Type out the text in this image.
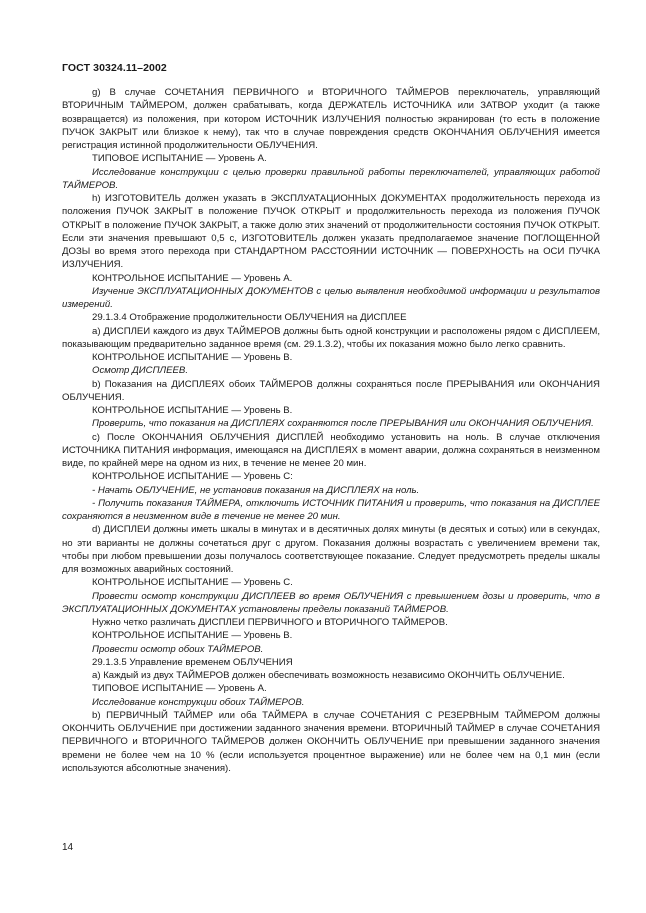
ГОСТ 30324.11–2002

g) В случае СОЧЕТАНИЯ ПЕРВИЧНОГО и ВТОРИЧНОГО ТАЙМЕРОВ переключатель, управляющий ВТОРИЧНЫМ ТАЙМЕРОМ, должен срабатывать, когда ДЕРЖАТЕЛЬ ИСТОЧНИКА или ЗАТВОР уходит (а также возвращается) из положения, при котором ИСТОЧНИК ИЗЛУЧЕНИЯ полностью экранирован (то есть в положение ПУЧОК ЗАКРЫТ или близкое к нему), так что в случае повреждения средств ОКОНЧАНИЯ ОБЛУЧЕНИЯ имеется регистрация истинной продолжительности ОБЛУЧЕНИЯ.

ТИПОВОЕ ИСПЫТАНИЕ — Уровень А.

Исследование конструкции с целью проверки правильной работы переключателей, управляющих работой ТАЙМЕРОВ.

h) ИЗГОТОВИТЕЛЬ должен указать в ЭКСПЛУАТАЦИОННЫХ ДОКУМЕНТАХ продолжительность перехода из положения ПУЧОК ЗАКРЫТ в положение ПУЧОК ОТКРЫТ и продолжительность перехода из положения ПУЧОК ОТКРЫТ в положение ПУЧОК ЗАКРЫТ, а также долю этих значений от продолжительности состояния ПУЧОК ОТКРЫТ. Если эти значения превышают 0,5 с, ИЗГОТОВИТЕЛЬ должен указать предполагаемое значение ПОГЛОЩЕННОЙ ДОЗЫ во время этого перехода при СТАНДАРТНОМ РАССТОЯНИИ ИСТОЧНИК — ПОВЕРХНОСТЬ на ОСИ ПУЧКА ИЗЛУЧЕНИЯ.

КОНТРОЛЬНОЕ ИСПЫТАНИЕ — Уровень А.

Изучение ЭКСПЛУАТАЦИОННЫХ ДОКУМЕНТОВ с целью выявления необходимой информации и результатов измерений.

29.1.3.4 Отображение продолжительности ОБЛУЧЕНИЯ на ДИСПЛЕЕ

а) ДИСПЛЕИ каждого из двух ТАЙМЕРОВ должны быть одной конструкции и расположены рядом с ДИСПЛЕЕМ, показывающим предварительно заданное время (см. 29.1.3.2), чтобы их показания можно было легко сравнить.

КОНТРОЛЬНОЕ ИСПЫТАНИЕ — Уровень В.

Осмотр ДИСПЛЕЕВ.

b) Показания на ДИСПЛЕЯХ обоих ТАЙМЕРОВ должны сохраняться после ПРЕРЫВАНИЯ или ОКОНЧАНИЯ ОБЛУЧЕНИЯ.

КОНТРОЛЬНОЕ ИСПЫТАНИЕ — Уровень В.

Проверить, что показания на ДИСПЛЕЯХ сохраняются после ПРЕРЫВАНИЯ или ОКОНЧАНИЯ ОБЛУЧЕНИЯ.

с) После ОКОНЧАНИЯ ОБЛУЧЕНИЯ ДИСПЛЕЙ необходимо установить на ноль. В случае отключения ИСТОЧНИКА ПИТАНИЯ информация, имеющаяся на ДИСПЛЕЯХ в момент аварии, должна сохраняться в неизменном виде, по крайней мере на одном из них, в течение не менее 20 мин.

КОНТРОЛЬНОЕ ИСПЫТАНИЕ — Уровень С:

- Начать ОБЛУЧЕНИЕ, не установив показания на ДИСПЛЕЯХ на ноль.

- Получить показания ТАЙМЕРА, отключить ИСТОЧНИК ПИТАНИЯ и проверить, что показания на ДИСПЛЕЕ сохраняются в неизменном виде в течение не менее 20 мин.

d) ДИСПЛЕИ должны иметь шкалы в минутах и в десятичных долях минуты (в десятых и сотых) или в секундах, но эти варианты не должны сочетаться друг с другом. Показания должны возрастать с увеличением времени так, чтобы при любом превышении дозы получалось соответствующее показание. Следует предусмотреть пределы шкалы для возможных аварийных состояний.

КОНТРОЛЬНОЕ ИСПЫТАНИЕ — Уровень С.

Провести осмотр конструкции ДИСПЛЕЕВ во время ОБЛУЧЕНИЯ с превышением дозы и проверить, что в ЭКСПЛУАТАЦИОННЫХ ДОКУМЕНТАХ установлены пределы показаний ТАЙМЕРОВ.

Нужно четко различать ДИСПЛЕИ ПЕРВИЧНОГО и ВТОРИЧНОГО ТАЙМЕРОВ.

КОНТРОЛЬНОЕ ИСПЫТАНИЕ — Уровень В.

Провести осмотр обоих ТАЙМЕРОВ.

29.1.3.5 Управление временем ОБЛУЧЕНИЯ

а) Каждый из двух ТАЙМЕРОВ должен обеспечивать возможность независимо ОКОНЧИТЬ ОБЛУЧЕНИЕ.

ТИПОВОЕ ИСПЫТАНИЕ — Уровень А.

Исследование конструкции обоих ТАЙМЕРОВ.

b) ПЕРВИЧНЫЙ ТАЙМЕР или оба ТАЙМЕРА в случае СОЧЕТАНИЯ С РЕЗЕРВНЫМ ТАЙМЕРОМ должны ОКОНЧИТЬ ОБЛУЧЕНИЕ при достижении заданного значения времени. ВТОРИЧНЫЙ ТАЙМЕР в случае СОЧЕТАНИЯ ПЕРВИЧНОГО и ВТОРИЧНОГО ТАЙМЕРОВ должен ОКОНЧИТЬ ОБЛУЧЕНИЕ при превышении заданного значения времени не более чем на 10 % (если используется процентное выражение) или не более чем на 0,1 мин (если используются абсолютные значения).

14
